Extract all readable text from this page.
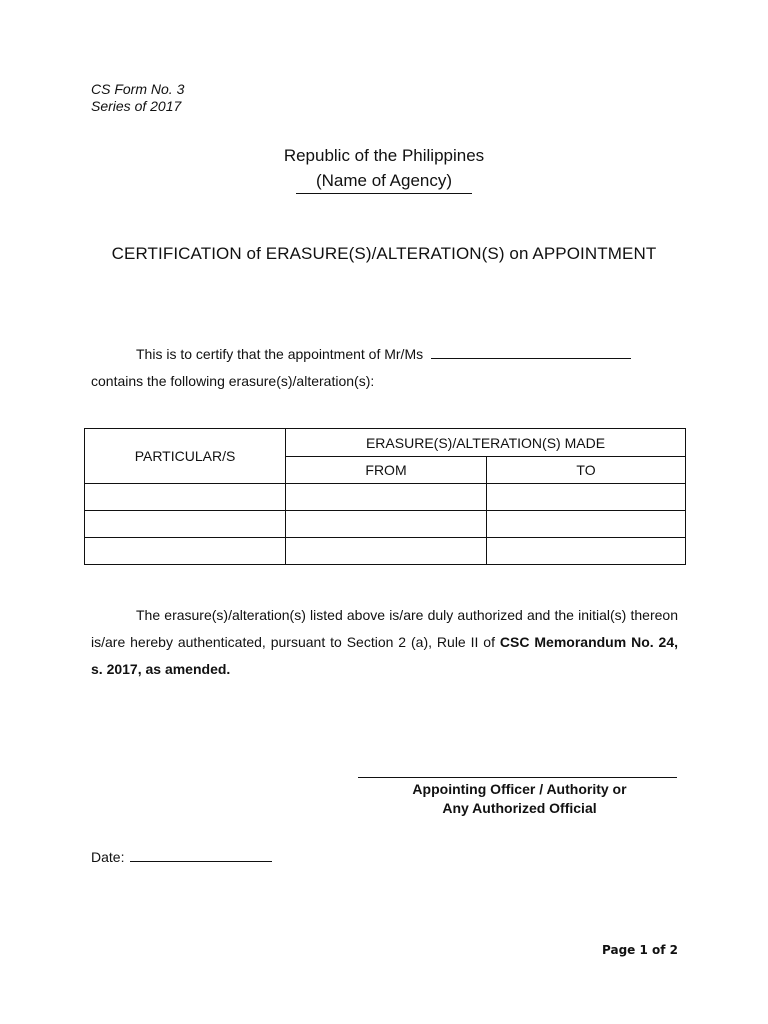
CS Form No. 3
Series of 2017
Republic of the Philippines
(Name of Agency)
CERTIFICATION of ERASURE(S)/ALTERATION(S) on APPOINTMENT
This is to certify that the appointment of Mr/Ms
contains the following erasure(s)/alteration(s):
PARTICULAR/S	ERASURE(S)/ALTERATION(S) MADE	
	FROM	TO

The erasure(s)/alteration(s) listed above is/are duly authorized and the initial(s) thereon is/are hereby authenticated, pursuant to Section 2 (a), Rule II of CSC Memorandum No. 24, s. 2017, as amended.
Appointing Officer / Authority or
Any Authorized Official
Date:
Page 1 of 2
